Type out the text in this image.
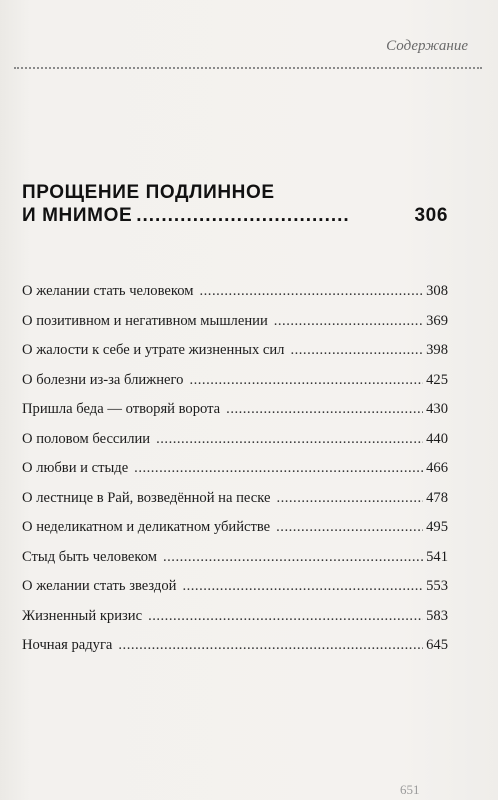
Содержание
ПРОЩЕНИЕ ПОДЛИННОЕ
И МНИМОЕ ..................................	306
О желании стать человеком .....	308
О позитивном и негативном мышлении .....	369
О жалости к себе и утрате жизненных сил .....	398
О болезни из-за ближнего .....	425
Пришла беда — отворяй ворота .....	430
О половом бессилии .....	440
О любви и стыде .....	466
О лестнице в Рай, возведённой на песке .....	478
О неделикатном и деликатном убийстве .....	495
Стыд быть человеком .....	541
О желании стать звездой .....	553
Жизненный кризис .....	583
Ночная радуга .....	645
651
